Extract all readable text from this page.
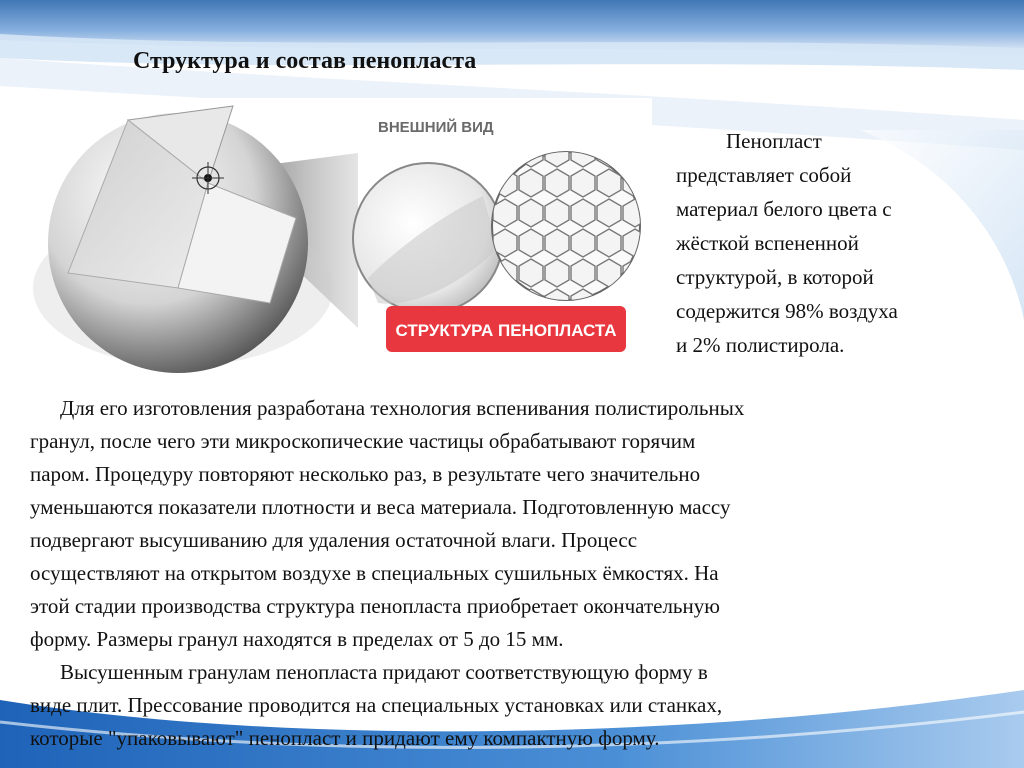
Структура и состав пенопласта
ВНЕШНИЙ ВИД
СТРУКТУРА ПЕНОПЛАСТА

Пенопласт
представляет собой
материал белого цвета с
жёсткой вспененной
структурой, в которой
содержится 98% воздуха
и 2% полистирола.

Для его изготовления разработана технология вспенивания полистирольных
гранул, после чего эти микроскопические частицы обрабатывают горячим
паром. Процедуру повторяют несколько раз, в результате чего значительно
уменьшаются показатели плотности и веса материала. Подготовленную массу
подвергают высушиванию для удаления остаточной влаги. Процесс
осуществляют на открытом воздухе в специальных сушильных ёмкостях. На
этой стадии производства структура пенопласта приобретает окончательную
форму. Размеры гранул находятся в пределах от 5 до 15 мм.
Высушенным гранулам пенопласта придают соответствующую форму в
виде плит. Прессование проводится на специальных установках или станках,
которые "упаковывают" пенопласт и придают ему компактную форму.
